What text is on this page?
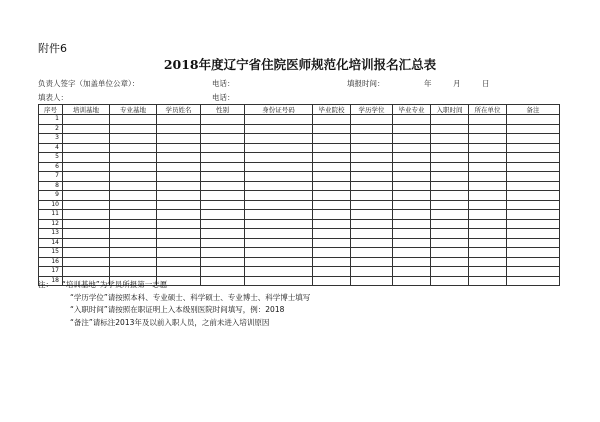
附件6
2018年度辽宁省住院医师规范化培训报名汇总表
负责人签字（加盖单位公章）：	电话：	填报时间：	年	月	日
填表人：	电话：
序号	培训基地	专业基地	学员姓名	性别	身份证号码	毕业院校	学历学位	毕业专业	入职时间	所在单位	备注
1											
2											
3											
4											
5											
6											
7											
8											
9											
10											
11											
12											
13											
14											
15											
16											
17											
18											
注： “培训基地”为学员所报第一志愿
“学历学位”请按照本科、专业硕士、科学硕士、专业博士、科学博士填写
“入职时间”请按照在职证明上入本级别医院时间填写，例：2018
“备注”请标注2013年及以前入职人员，之前未进入培训原因
